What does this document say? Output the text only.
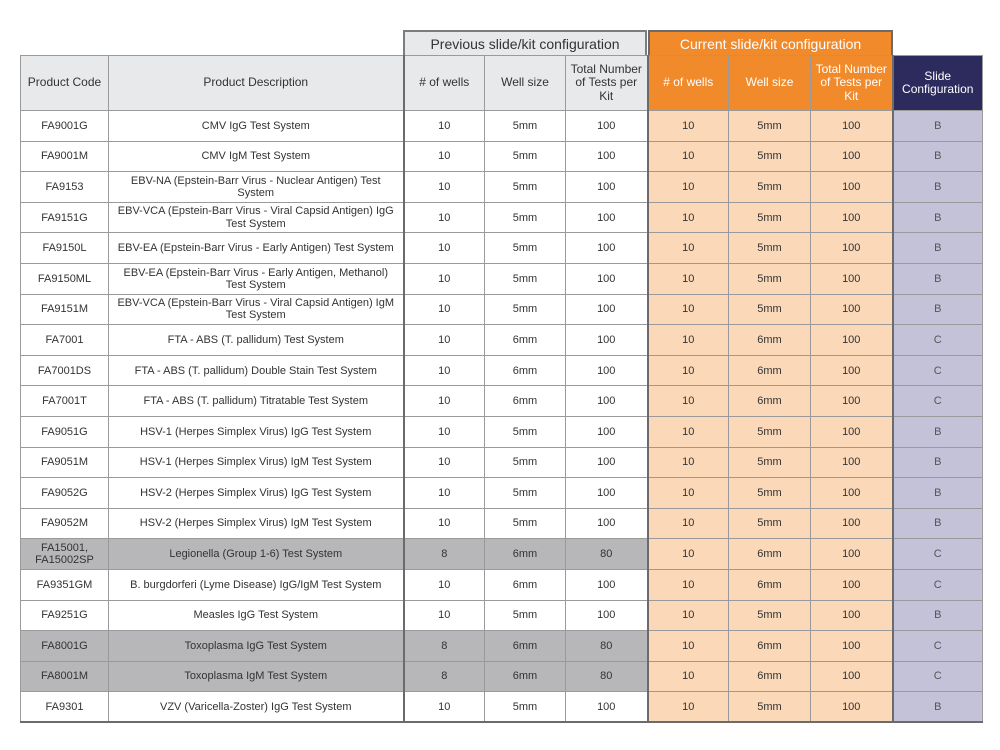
Previous slide/kit configuration	Current slide/kit configuration
Product Code	Product Description	# of wells	Well size	Total Number of Tests per Kit	# of wells	Well size	Total Number of Tests per Kit	Slide Configuration
FA9001G	CMV IgG Test System	10	5mm	100	10	5mm	100	B
FA9001M	CMV IgM Test System	10	5mm	100	10	5mm	100	B
FA9153	EBV-NA (Epstein-Barr Virus - Nuclear Antigen) Test System	10	5mm	100	10	5mm	100	B
FA9151G	EBV-VCA (Epstein-Barr Virus - Viral Capsid Antigen) IgG Test System	10	5mm	100	10	5mm	100	B
FA9150L	EBV-EA (Epstein-Barr Virus - Early Antigen) Test System	10	5mm	100	10	5mm	100	B
FA9150ML	EBV-EA (Epstein-Barr Virus - Early Antigen, Methanol) Test System	10	5mm	100	10	5mm	100	B
FA9151M	EBV-VCA (Epstein-Barr Virus - Viral Capsid Antigen) IgM Test System	10	5mm	100	10	5mm	100	B
FA7001	FTA - ABS (T. pallidum) Test System	10	6mm	100	10	6mm	100	C
FA7001DS	FTA - ABS (T. pallidum) Double Stain Test System	10	6mm	100	10	6mm	100	C
FA7001T	FTA - ABS (T. pallidum) Titratable Test System	10	6mm	100	10	6mm	100	C
FA9051G	HSV-1 (Herpes Simplex Virus) IgG Test System	10	5mm	100	10	5mm	100	B
FA9051M	HSV-1 (Herpes Simplex Virus) IgM Test System	10	5mm	100	10	5mm	100	B
FA9052G	HSV-2 (Herpes Simplex Virus) IgG Test System	10	5mm	100	10	5mm	100	B
FA9052M	HSV-2 (Herpes Simplex Virus) IgM Test System	10	5mm	100	10	5mm	100	B
FA15001, FA15002SP	Legionella (Group 1-6) Test System	8	6mm	80	10	6mm	100	C
FA9351GM	B. burgdorferi (Lyme Disease) IgG/IgM Test System	10	6mm	100	10	6mm	100	C
FA9251G	Measles IgG Test System	10	5mm	100	10	5mm	100	B
FA8001G	Toxoplasma IgG Test System	8	6mm	80	10	6mm	100	C
FA8001M	Toxoplasma IgM Test System	8	6mm	80	10	6mm	100	C
FA9301	VZV (Varicella-Zoster) IgG Test System	10	5mm	100	10	5mm	100	B
